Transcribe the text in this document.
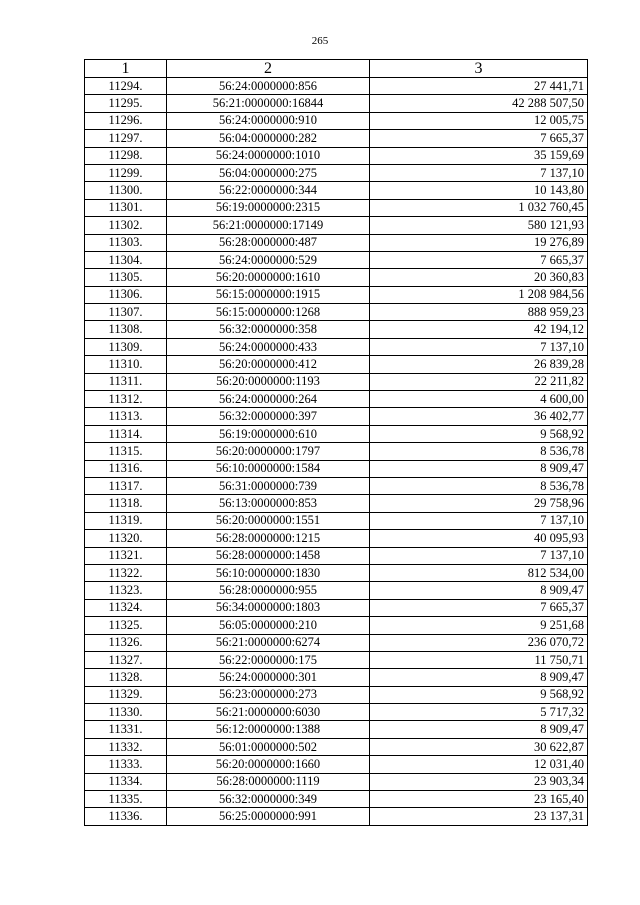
265
1	2	3
11294.	56:24:0000000:856	27 441,71
11295.	56:21:0000000:16844	42 288 507,50
11296.	56:24:0000000:910	12 005,75
11297.	56:04:0000000:282	7 665,37
11298.	56:24:0000000:1010	35 159,69
11299.	56:04:0000000:275	7 137,10
11300.	56:22:0000000:344	10 143,80
11301.	56:19:0000000:2315	1 032 760,45
11302.	56:21:0000000:17149	580 121,93
11303.	56:28:0000000:487	19 276,89
11304.	56:24:0000000:529	7 665,37
11305.	56:20:0000000:1610	20 360,83
11306.	56:15:0000000:1915	1 208 984,56
11307.	56:15:0000000:1268	888 959,23
11308.	56:32:0000000:358	42 194,12
11309.	56:24:0000000:433	7 137,10
11310.	56:20:0000000:412	26 839,28
11311.	56:20:0000000:1193	22 211,82
11312.	56:24:0000000:264	4 600,00
11313.	56:32:0000000:397	36 402,77
11314.	56:19:0000000:610	9 568,92
11315.	56:20:0000000:1797	8 536,78
11316.	56:10:0000000:1584	8 909,47
11317.	56:31:0000000:739	8 536,78
11318.	56:13:0000000:853	29 758,96
11319.	56:20:0000000:1551	7 137,10
11320.	56:28:0000000:1215	40 095,93
11321.	56:28:0000000:1458	7 137,10
11322.	56:10:0000000:1830	812 534,00
11323.	56:28:0000000:955	8 909,47
11324.	56:34:0000000:1803	7 665,37
11325.	56:05:0000000:210	9 251,68
11326.	56:21:0000000:6274	236 070,72
11327.	56:22:0000000:175	11 750,71
11328.	56:24:0000000:301	8 909,47
11329.	56:23:0000000:273	9 568,92
11330.	56:21:0000000:6030	5 717,32
11331.	56:12:0000000:1388	8 909,47
11332.	56:01:0000000:502	30 622,87
11333.	56:20:0000000:1660	12 031,40
11334.	56:28:0000000:1119	23 903,34
11335.	56:32:0000000:349	23 165,40
11336.	56:25:0000000:991	23 137,31
